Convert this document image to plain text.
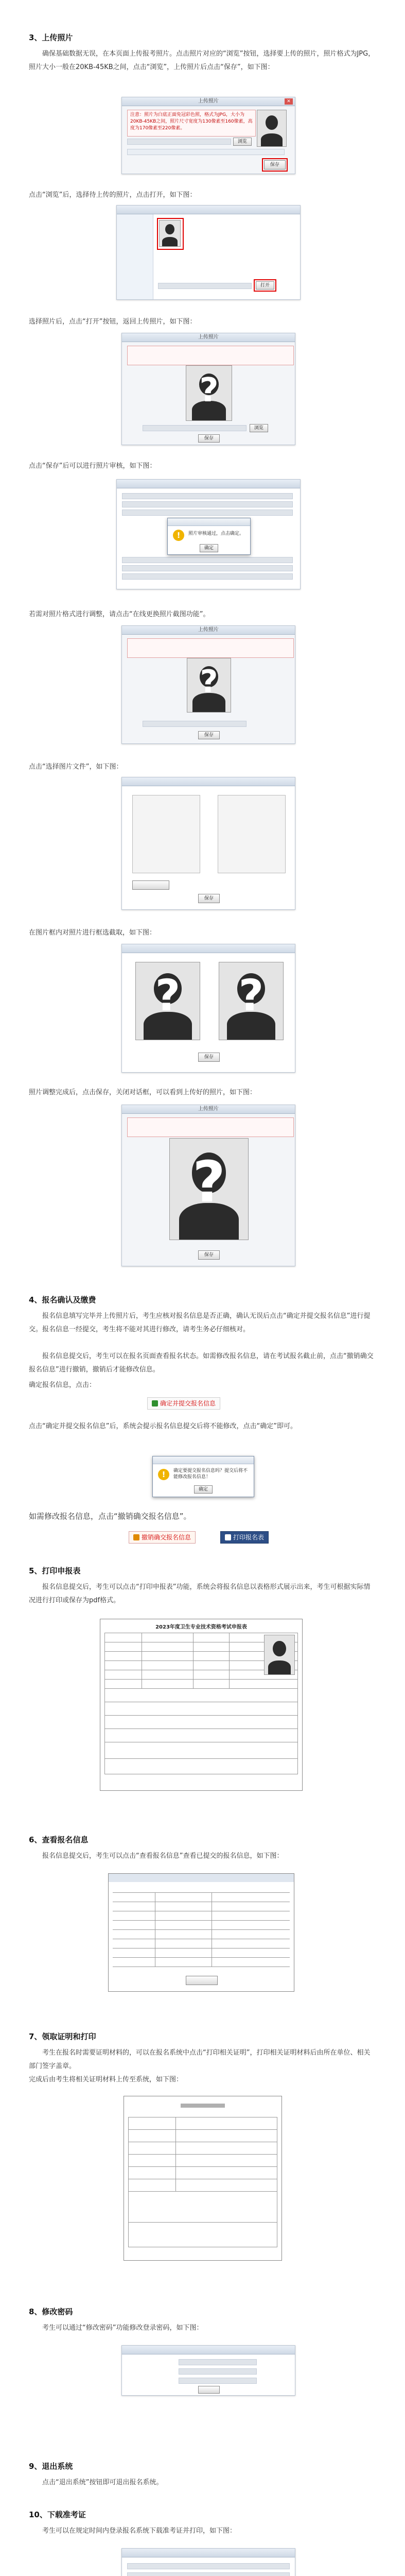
3、上传照片

确保基础数据无误，在本页面上传报考照片。点击照片对应的“浏览”按钮，选择要上传的照片，照片格式为JPG，照片大小一般在20KB-45KB之间，点击“浏览”，上传照片后点击“保存”，如下图：

上传照片	✕
注意：照片为白底正面免冠彩色照，格式为JPG，大小为20KB-45KB之间，照片尺寸宽度为130像素至160像素，高度为170像素至220像素。
浏览
保存

点击“浏览”后，选择待上传的照片，点击打开，如下图：

打开

选择照片后，点击“打开”按钮，返回上传照片，如下图：

上传照片
?
浏览
保存

点击“保存”后可以进行照片审核，如下图：

!	照片审核通过，点击确定。
确定

若需对照片格式进行调整，请点击“在线更换照片截图功能”。

上传照片
?
保存

点击“选择图片文件”，如下图：

保存

在图片框内对照片进行框选截取，如下图：

?	?
保存

照片调整完成后，点击保存，关闭对话框，可以看到上传好的照片，如下图：

上传照片
?
保存
4、报名确认及缴费

报名信息填写完毕并上传照片后，考生应核对报名信息是否正确，确认无误后点击“确定并提交报名信息”进行提交。报名信息一经提交，考生将不能对其进行修改，请考生务必仔细核对。

报名信息提交后，考生可以在报名页面查看报名状态。如需修改报名信息，请在考试报名截止前，点击“撤销确交报名信息”进行撤销，撤销后才能修改信息。

确定报名信息，点击：

确定并提交报名信息

点击“确定并提交报名信息”后，系统会提示报名信息提交后将不能修改，点击“确定”即可。

!	确定要提交报名信息吗？提交后将不能修改报名信息！
确定

如需修改报名信息，点击“撤销确交报名信息”。

撤销确交报名信息	打印报名表
5、打印申报表

报名信息提交后，考生可以点击“打印申报表”功能，系统会将报名信息以表格形式展示出来，考生可根据实际情况进行打印或保存为pdf格式。

2023年度卫生专业技术资格考试申报表
6、查看报名信息

报名信息提交后，考生可以点击“查看报名信息”查看已提交的报名信息，如下图：

7、领取证明和打印

考生在报名时需要证明材料的，可以在报名系统中点击“打印相关证明”，打印相关证明材料后由所在单位、相关部门签字盖章。

完成后由考生将相关证明材料上传至系统，如下图：

8、修改密码

考生可以通过“修改密码”功能修改登录密码，如下图：

9、退出系统

点击“退出系统”按钮即可退出报名系统。

10、下载准考证

考生可以在规定时间内登录报名系统下载准考证并打印，如下图：
